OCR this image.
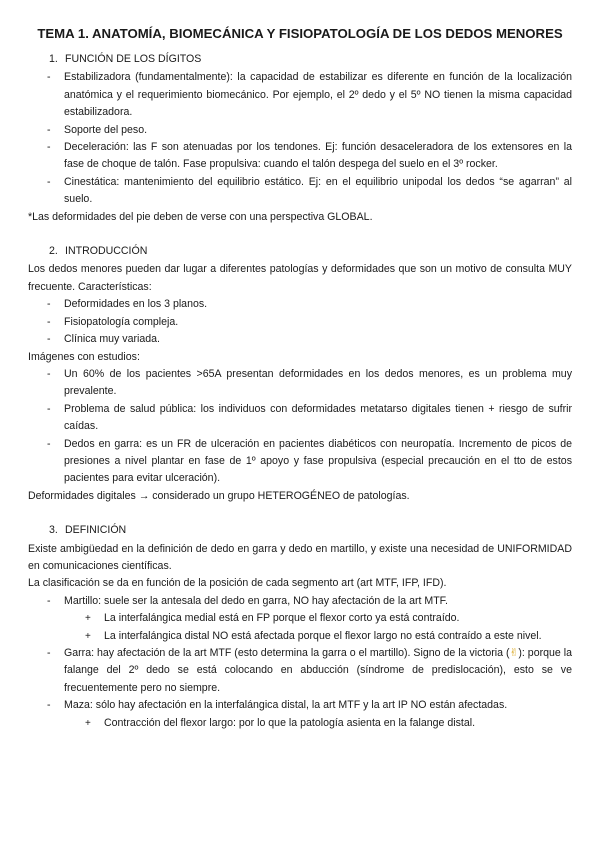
TEMA 1. ANATOMÍA, BIOMECÁNICA Y FISIOPATOLOGÍA DE LOS DEDOS MENORES
1. FUNCIÓN DE LOS DÍGITOS
- Estabilizadora (fundamentalmente): la capacidad de estabilizar es diferente en función de la localización anatómica y el requerimiento biomecánico. Por ejemplo, el 2º dedo y el 5º NO tienen la misma capacidad estabilizadora.
- Soporte del peso.
- Deceleración: las F son atenuadas por los tendones. Ej: función desaceleradora de los extensores en la fase de choque de talón. Fase propulsiva: cuando el talón despega del suelo en el 3º rocker.
- Cinestática: mantenimiento del equilibrio estático. Ej: en el equilibrio unipodal los dedos “se agarran” al suelo.
*Las deformidades del pie deben de verse con una perspectiva GLOBAL.
2. INTRODUCCIÓN
Los dedos menores pueden dar lugar a diferentes patologías y deformidades que son un motivo de consulta MUY frecuente. Características:
- Deformidades en los 3 planos.
- Fisiopatología compleja.
- Clínica muy variada.
Imágenes con estudios:
- Un 60% de los pacientes >65A presentan deformidades en los dedos menores, es un problema muy prevalente.
- Problema de salud pública: los individuos con deformidades metatarso digitales tienen + riesgo de sufrir caídas.
- Dedos en garra: es un FR de ulceración en pacientes diabéticos con neuropatía. Incremento de picos de presiones a nivel plantar en fase de 1º apoyo y fase propulsiva (especial precaución en el tto de estos pacientes para evitar ulceración).
Deformidades digitales → considerado un grupo HETEROGÉNEO de patologías.
3. DEFINICIÓN
Existe ambigüedad en la definición de dedo en garra y dedo en martillo, y existe una necesidad de UNIFORMIDAD en comunicaciones científicas.
La clasificación se da en función de la posición de cada segmento art (art MTF, IFP, IFD).
- Martillo: suele ser la antesala del dedo en garra, NO hay afectación de la art MTF.
+ La interfalángica medial está en FP porque el flexor corto ya está contraído.
+ La interfalángica distal NO está afectada porque el flexor largo no está contraído a este nivel.
- Garra: hay afectación de la art MTF (esto determina la garra o el martillo). Signo de la victoria (✌): porque la falange del 2º dedo se está colocando en abducción (síndrome de predislocación), esto se ve frecuentemente pero no siempre.
- Maza: sólo hay afectación en la interfalángica distal, la art MTF y la art IP NO están afectadas.
+ Contracción del flexor largo: por lo que la patología asienta en la falange distal.
